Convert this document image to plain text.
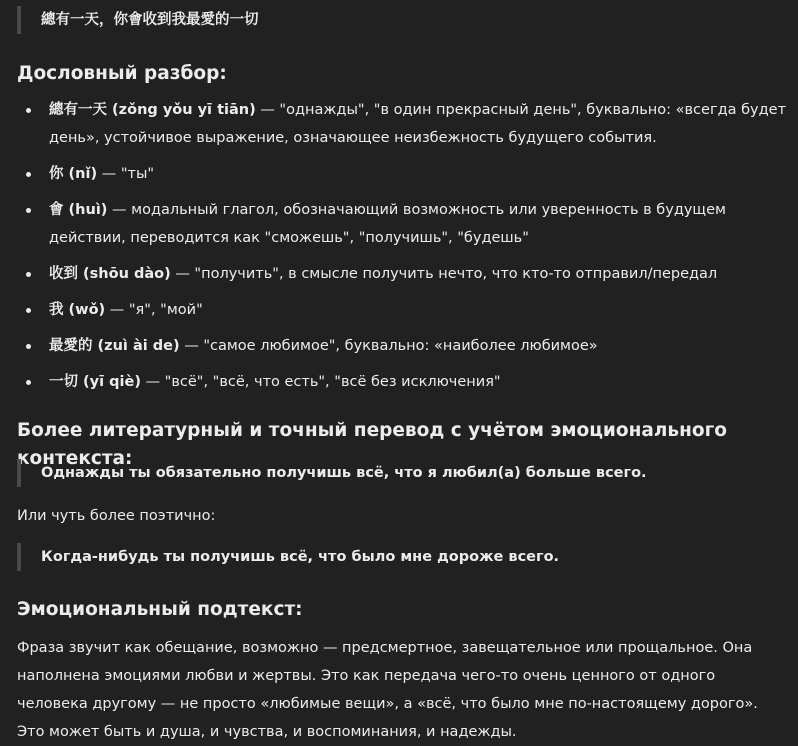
總有一天，你會收到我最愛的一切
Дословный разбор:
總有一天 (zǒng yǒu yī tiān) — "однажды", "в один прекрасный день", буквально: «всегда будет день», устойчивое выражение, означающее неизбежность будущего события.
你 (nǐ) — "ты"
會 (huì) — модальный глагол, обозначающий возможность или уверенность в будущем действии, переводится как "сможешь", "получишь", "будешь"
收到 (shōu dào) — "получить", в смысле получить нечто, что кто-то отправил/передал
我 (wǒ) — "я", "мой"
最愛的 (zuì ài de) — "самое любимое", буквально: «наиболее любимое»
一切 (yī qiè) — "всё", "всё, что есть", "всё без исключения"
Более литературный и точный перевод с учётом эмоционального контекста:
Однажды ты обязательно получишь всё, что я любил(а) больше всего.
Или чуть более поэтично:
Когда-нибудь ты получишь всё, что было мне дороже всего.
Эмоциональный подтекст:

Фраза звучит как обещание, возможно — предсмертное, завещательное или прощальное. Она наполнена эмоциями любви и жертвы. Это как передача чего-то очень ценного от одного человека другому — не просто «любимые вещи», а «всё, что было мне по-настоящему дорого». Это может быть и душа, и чувства, и воспоминания, и надежды.
